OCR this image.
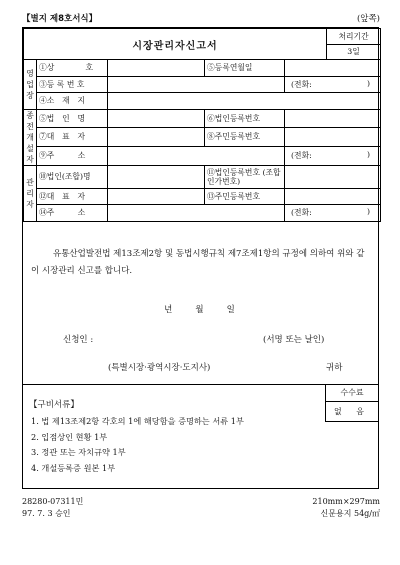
【별지 제8호서식】	(앞쪽)
시장관리자신고서					처리기간
					3일
영업장	①상　　　　호		⑤등록연월일		
	③등 록 번 호			(전화: )	

	④소　재　지				
종전개설자	⑤법　인　명		⑥법인등록번호		
	⑦대　표　자		⑧주민등록번호		
	⑨주　　　소			(전화: )	

관리자	⑩법인(조합)명		⑪법인등록번호 (조합인가번호)		
	⑫대　표　자		⑬주민등록번호		
	⑭주　　　소			(전화: )	
유통산업발전법 제13조제2항 및 동법시행규칙 제7조제1항의 규정에 의하여 위와 같이 시장관리 신고를 합니다.
년　　월　　일
신청인 :	(서명 또는 날인)
(특별시장·광역시장·도지사)	귀하
【구비서류】
수수료
없 음
1. 법 제13조제2항 각호의 1에 해당함을 증명하는 서류 1부
2. 입점상인 현황 1부
3. 정관 또는 자치규약 1부
4. 개설등록증 원본 1부
28280-07311민
97. 7. 3 승인
210mm×297mm
신문용지 54g/㎡
